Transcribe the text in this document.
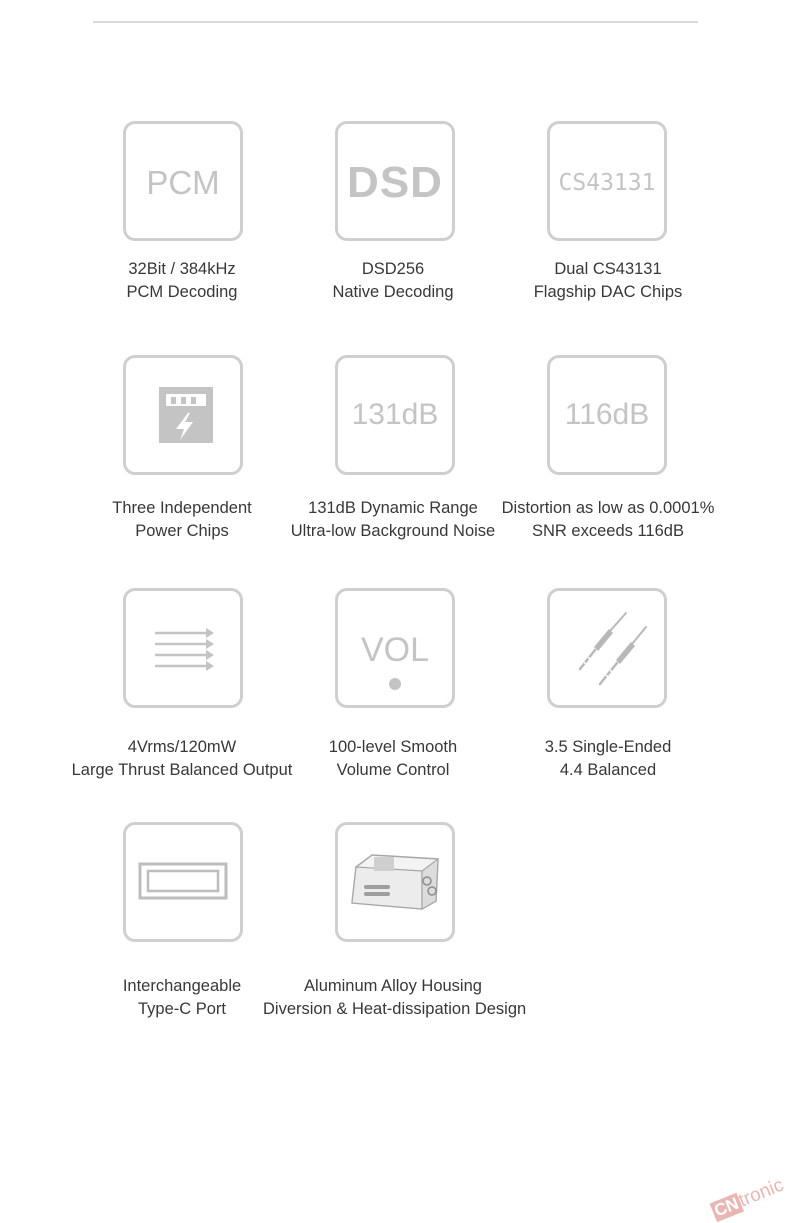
PCM
32Bit / 384kHz
PCM Decoding
DSD
DSD256
Native Decoding
CS43131
Dual CS43131
Flagship DAC Chips
Three Independent
Power Chips
131dB
131dB Dynamic Range
Ultra-low Background Noise
116dB
Distortion as low as 0.0001%
SNR exceeds 116dB
4Vrms/120mW
Large Thrust Balanced Output
VOL
100-level Smooth
Volume Control
3.5 Single-Ended
4.4 Balanced
Interchangeable
Type-C Port
Aluminum Alloy Housing
Diversion & Heat-dissipation Design
CNtronic
